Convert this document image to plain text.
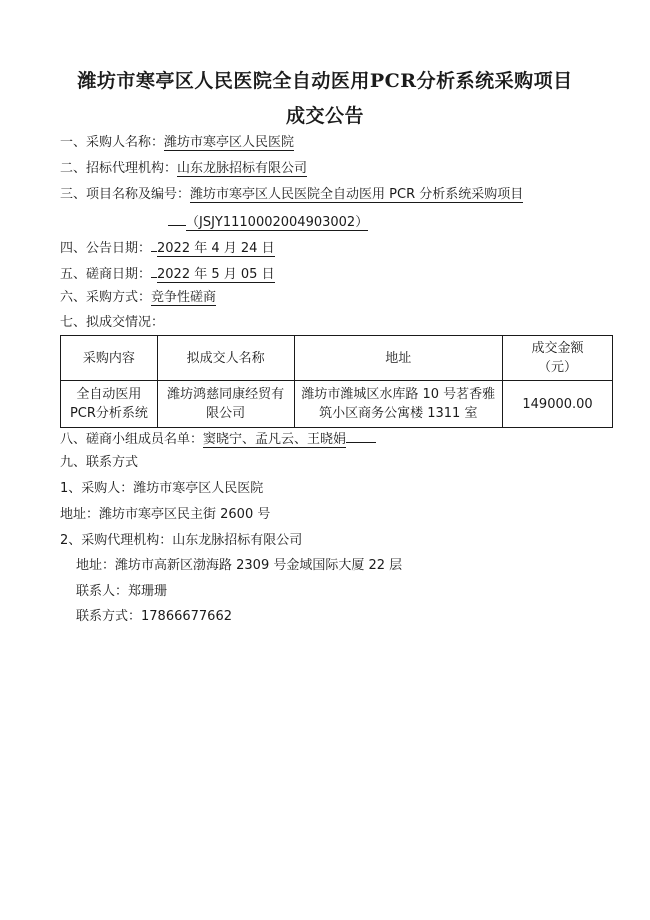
潍坊市寒亭区人民医院全自动医用PCR分析系统采购项目
成交公告
一、采购人名称：潍坊市寒亭区人民医院
二、招标代理机构：山东龙脉招标有限公司
三、项目名称及编号：潍坊市寒亭区人民医院全自动医用 PCR 分析系统采购项目
（JSJY1110002004903002）
四、公告日期： 2022 年 4 月 24 日
五、磋商日期： 2022 年 5 月 05 日
六、采购方式：竞争性磋商
七、拟成交情况：
采购内容	拟成交人名称	地址	成交金额
（元）

全自动医用PCR分析系统	潍坊鸿慈同康经贸有限公司	潍坊市潍城区水库路 10 号茗香雅筑小区商务公寓楼 1311 室	149000.00
八、磋商小组成员名单：窦晓宁、孟凡云、王晓娟
九、联系方式
1、采购人：潍坊市寒亭区人民医院
地址：潍坊市寒亭区民主街 2600 号
2、采购代理机构：山东龙脉招标有限公司
地址：潍坊市高新区渤海路 2309 号金域国际大厦 22 层
联系人：郑珊珊
联系方式：17866677662
